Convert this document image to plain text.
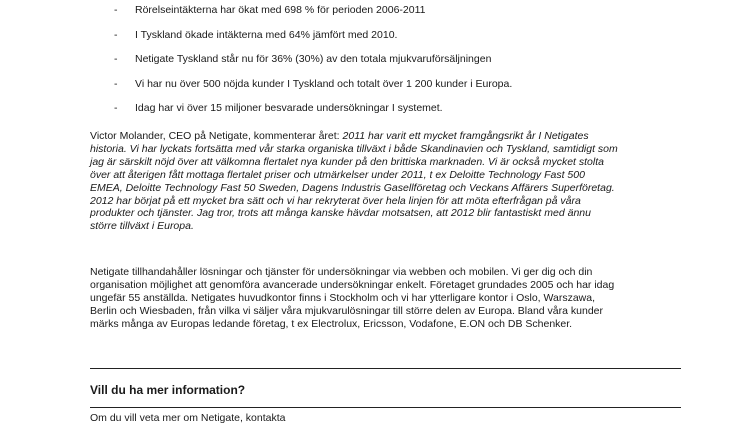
-	Rörelseintäkterna har ökat med 698 % för perioden 2006-2011
-	I Tyskland ökade intäkterna med 64% jämfört med 2010.
-	Netigate Tyskland står nu för 36% (30%) av den totala mjukvaruförsäljningen
-	Vi har nu över 500 nöjda kunder I Tyskland och totalt över 1 200 kunder i Europa.
-	Idag har vi över 15 miljoner besvarade undersökningar I systemet.
Victor Molander, CEO på Netigate, kommenterar året: 2011 har varit ett mycket framgångsrikt år I Netigates
historia. Vi har lyckats fortsätta med vår starka organiska tillväxt i både Skandinavien och Tyskland, samtidigt som
jag är särskilt nöjd över att välkomna flertalet nya kunder på den brittiska marknaden. Vi är också mycket stolta
över att återigen fått mottaga flertalet priser och utmärkelser under 2011, t ex Deloitte Technology Fast 500
EMEA, Deloitte Technology Fast 50 Sweden, Dagens Industris Gasellföretag och Veckans Affärers Superföretag.
2012 har börjat på ett mycket bra sätt och vi har rekryterat över hela linjen för att möta efterfrågan på våra
produkter och tjänster. Jag tror, trots att många kanske hävdar motsatsen, att 2012 blir fantastiskt med ännu
större tillväxt i Europa.
Netigate tillhandahåller lösningar och tjänster för undersökningar via webben och mobilen. Vi ger dig och din
organisation möjlighet att genomföra avancerade undersökningar enkelt. Företaget grundades 2005 och har idag
ungefär 55 anställda. Netigates huvudkontor finns i Stockholm och vi har ytterligare kontor i Oslo, Warszawa,
Berlin och Wiesbaden, från vilka vi säljer våra mjukvarulösningar till större delen av Europa. Bland våra kunder
märks många av Europas ledande företag, t ex Electrolux, Ericsson, Vodafone, E.ON och DB Schenker.
Vill du ha mer information?
Om du vill veta mer om Netigate, kontakta
